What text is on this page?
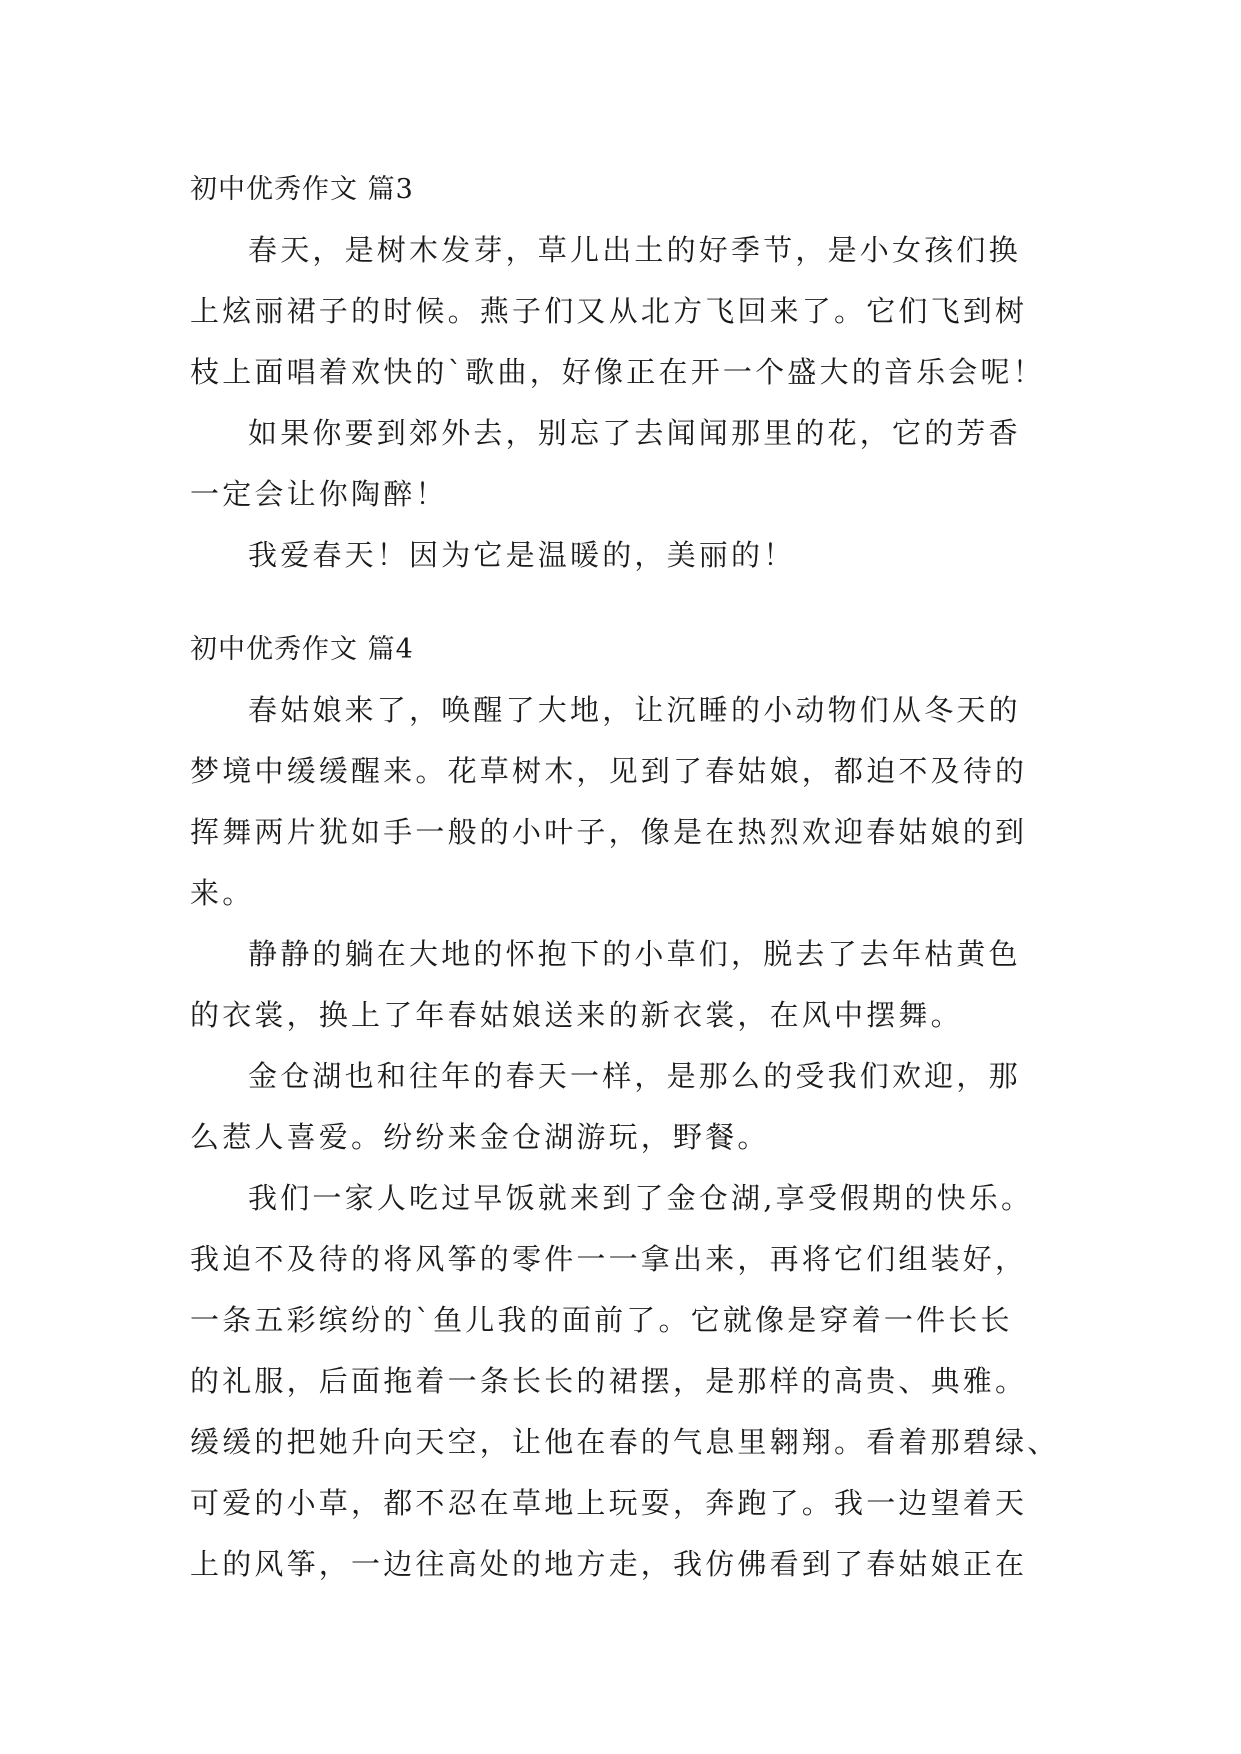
初中优秀作文 篇3

春天，是树木发芽，草儿出土的好季节，是小女孩们换
上炫丽裙子的时候。燕子们又从北方飞回来了。它们飞到树
枝上面唱着欢快的`歌曲，好像正在开一个盛大的音乐会呢！

如果你要到郊外去，别忘了去闻闻那里的花，它的芳香
一定会让你陶醉！

我爱春天！因为它是温暖的，美丽的！

初中优秀作文 篇4

春姑娘来了，唤醒了大地，让沉睡的小动物们从冬天的
梦境中缓缓醒来。花草树木，见到了春姑娘，都迫不及待的
挥舞两片犹如手一般的小叶子，像是在热烈欢迎春姑娘的到
来。

静静的躺在大地的怀抱下的小草们，脱去了去年枯黄色
的衣裳，换上了年春姑娘送来的新衣裳，在风中摆舞。

金仓湖也和往年的春天一样，是那么的受我们欢迎，那
么惹人喜爱。纷纷来金仓湖游玩，野餐。

我们一家人吃过早饭就来到了金仓湖,享受假期的快乐。
我迫不及待的将风筝的零件一一拿出来，再将它们组装好，
一条五彩缤纷的`鱼儿我的面前了。它就像是穿着一件长长
的礼服，后面拖着一条长长的裙摆，是那样的高贵、典雅。
缓缓的把她升向天空，让他在春的气息里翱翔。看着那碧绿、
可爱的小草，都不忍在草地上玩耍，奔跑了。我一边望着天
上的风筝，一边往高处的地方走，我仿佛看到了春姑娘正在
